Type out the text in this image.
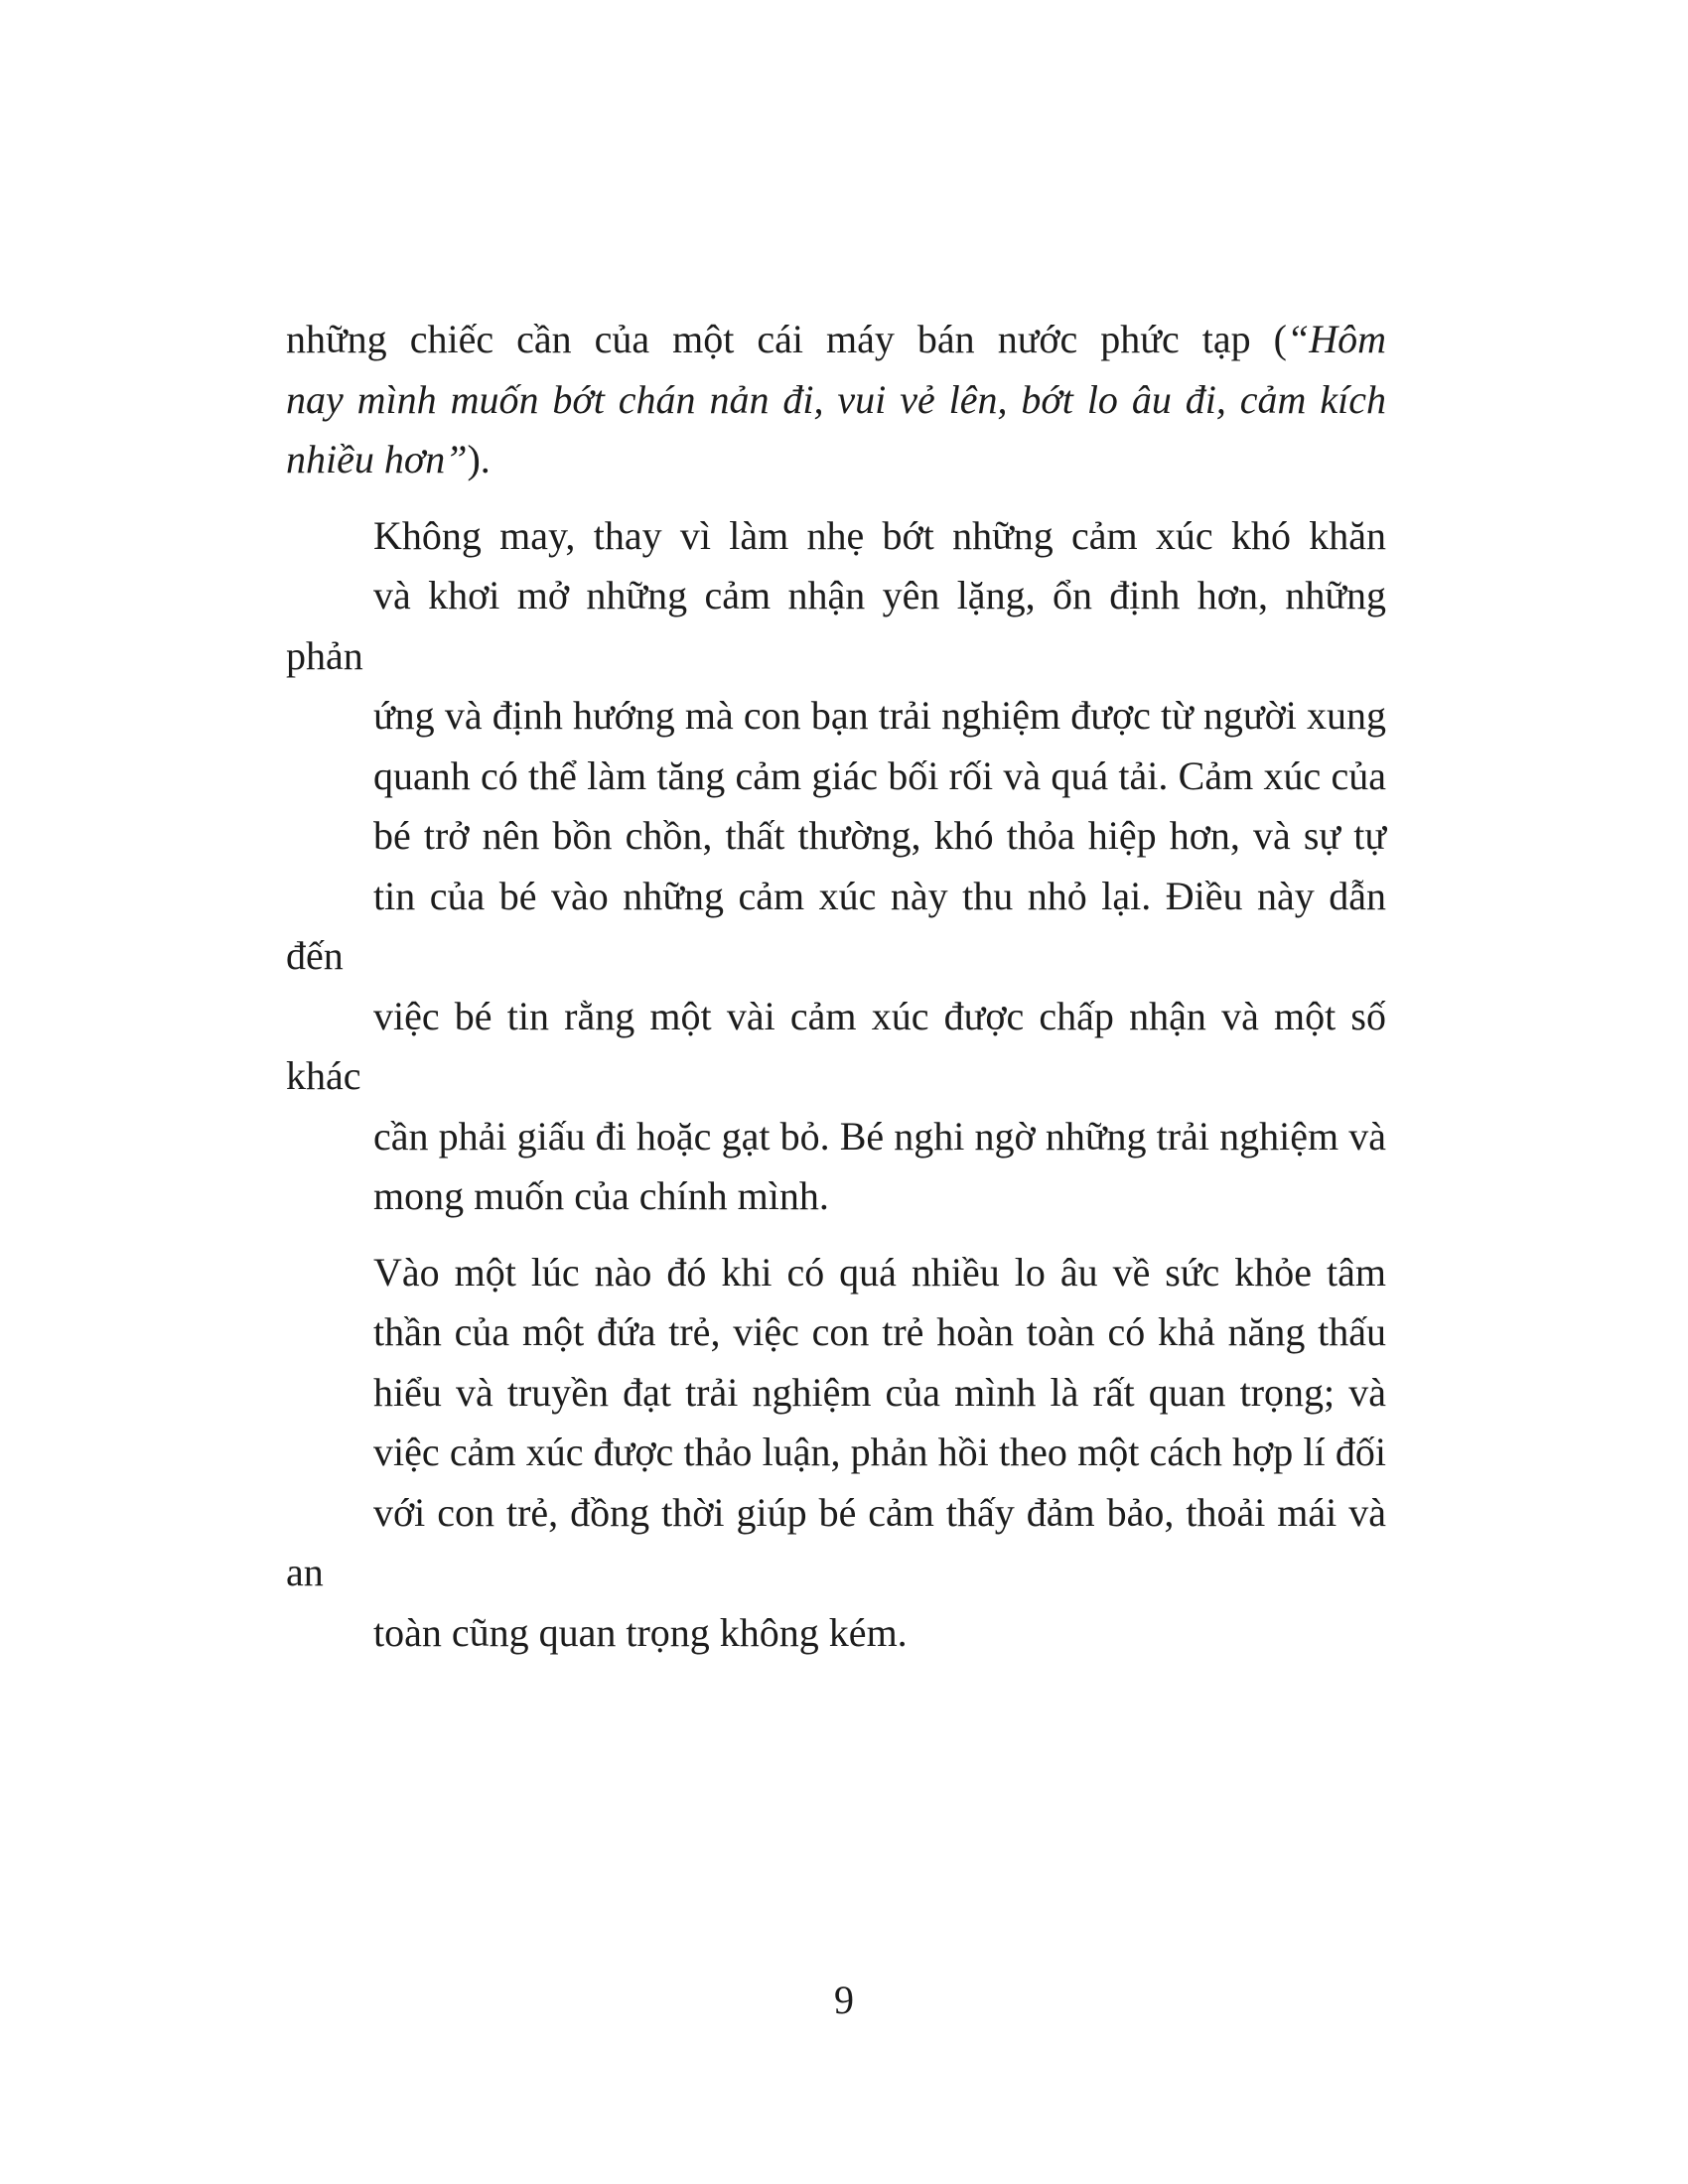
những chiếc cần của một cái máy bán nước phức tạp (“Hôm
nay mình muốn bớt chán nản đi, vui vẻ lên, bớt lo âu đi, cảm kích
nhiều hơn”).

Không may, thay vì làm nhẹ bớt những cảm xúc khó khăn
và khơi mở những cảm nhận yên lặng, ổn định hơn, những phản
ứng và định hướng mà con bạn trải nghiệm được từ người xung
quanh có thể làm tăng cảm giác bối rối và quá tải. Cảm xúc của
bé trở nên bồn chồn, thất thường, khó thỏa hiệp hơn, và sự tự
tin của bé vào những cảm xúc này thu nhỏ lại. Điều này dẫn đến
việc bé tin rằng một vài cảm xúc được chấp nhận và một số khác
cần phải giấu đi hoặc gạt bỏ. Bé nghi ngờ những trải nghiệm và
mong muốn của chính mình.

Vào một lúc nào đó khi có quá nhiều lo âu về sức khỏe tâm
thần của một đứa trẻ, việc con trẻ hoàn toàn có khả năng thấu
hiểu và truyền đạt trải nghiệm của mình là rất quan trọng; và
việc cảm xúc được thảo luận, phản hồi theo một cách hợp lí đối
với con trẻ, đồng thời giúp bé cảm thấy đảm bảo, thoải mái và an
toàn cũng quan trọng không kém.

9
